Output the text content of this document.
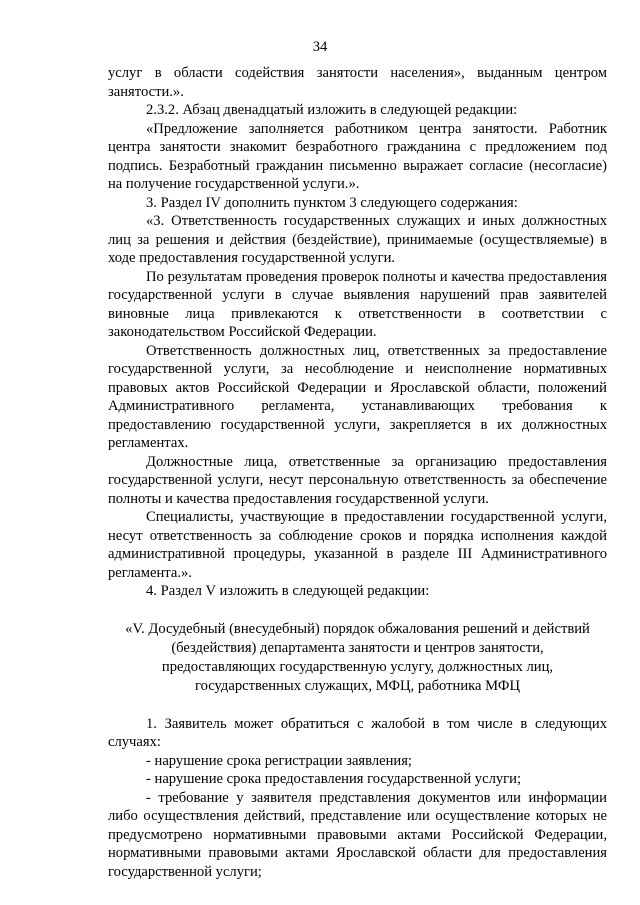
34

услуг в области содействия занятости населения», выданным центром занятости.».

2.3.2. Абзац двенадцатый изложить в следующей редакции:

«Предложение заполняется работником центра занятости. Работник центра занятости знакомит безработного гражданина с предложением под подпись. Безработный гражданин письменно выражает согласие (несогласие) на получение государственной услуги.».

3. Раздел IV дополнить пунктом 3 следующего содержания:

«3. Ответственность государственных служащих и иных должностных лиц за решения и действия (бездействие), принимаемые (осуществляемые) в ходе предоставления государственной услуги.

По результатам проведения проверок полноты и качества предоставления государственной услуги в случае выявления нарушений прав заявителей виновные лица привлекаются к ответственности в соответствии с законодательством Российской Федерации.

Ответственность должностных лиц, ответственных за предоставление государственной услуги, за несоблюдение и неисполнение нормативных правовых актов Российской Федерации и Ярославской области, положений Административного регламента, устанавливающих требования к предоставлению государственной услуги, закрепляется в их должностных регламентах.

Должностные лица, ответственные за организацию предоставления государственной услуги, несут персональную ответственность за обеспечение полноты и качества предоставления государственной услуги.

Специалисты, участвующие в предоставлении государственной услуги, несут ответственность за соблюдение сроков и порядка исполнения каждой административной процедуры, указанной в разделе III Административного регламента.».

4. Раздел V изложить в следующей редакции:

«V. Досудебный (внесудебный) порядок обжалования решений и действий
(бездействия) департамента занятости и центров занятости,
предоставляющих государственную услугу, должностных лиц,
государственных служащих, МФЦ, работника МФЦ

1. Заявитель может обратиться с жалобой в том числе в следующих случаях:

- нарушение срока регистрации заявления;

- нарушение срока предоставления государственной услуги;

- требование у заявителя представления документов или информации либо осуществления действий, представление или осуществление которых не предусмотрено нормативными правовыми актами Российской Федерации, нормативными правовыми актами Ярославской области для предоставления государственной услуги;
